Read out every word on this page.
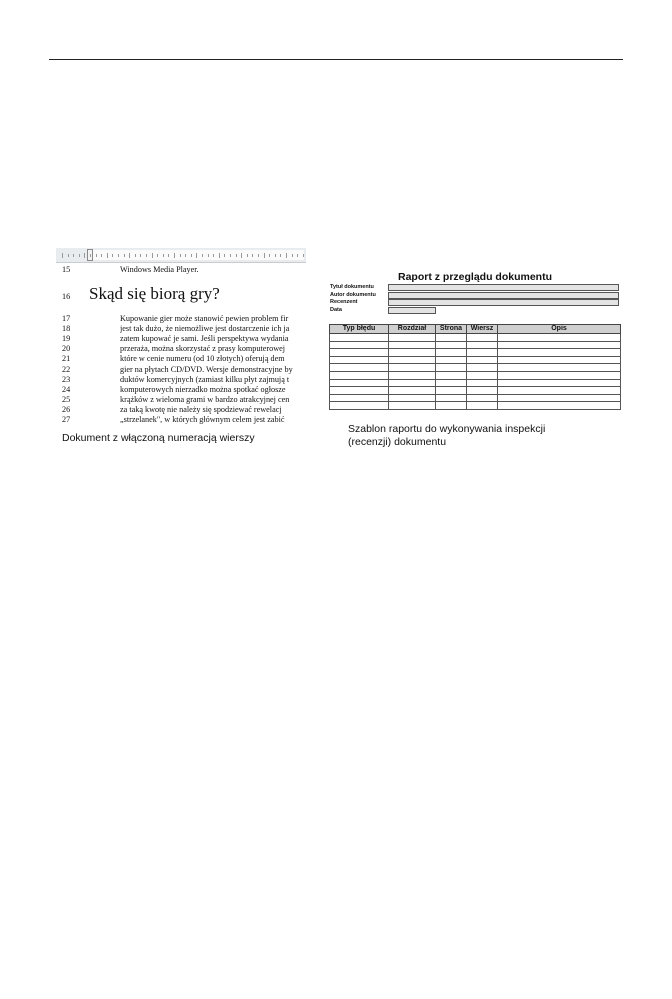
15	Windows Media Player.
16	Skąd się biorą gry?
17	Kupowanie gier może stanowić pewien problem fir
18	jest tak dużo, że niemożliwe jest dostarczenie ich ja
19	zatem kupować je sami. Jeśli perspektywa wydania
20	przeraża, można skorzystać z prasy komputerowej
21	które w cenie numeru (od 10 złotych) oferują dem
22	gier na płytach CD/DVD. Wersje demonstracyjne by
23	duktów komercyjnych (zamiast kilku płyt zajmują t
24	komputerowych nierzadko można spotkać ogłosze
25	krążków z wieloma grami w bardzo atrakcyjnej cen
26	za taką kwotę nie należy się spodziewać rewelacj
27	„strzelanek", w których głównym celem jest zabić
Dokument z włączoną numeracją wierszy
Raport z przeglądu dokumentu
Tytuł dokumentu
Autor dokumentu
Recenzent
Data
Typ błędu	Rozdział	Strona	Wiersz	Opis

Szablon raportu do wykonywania inspekcji
(recenzji) dokumentu
